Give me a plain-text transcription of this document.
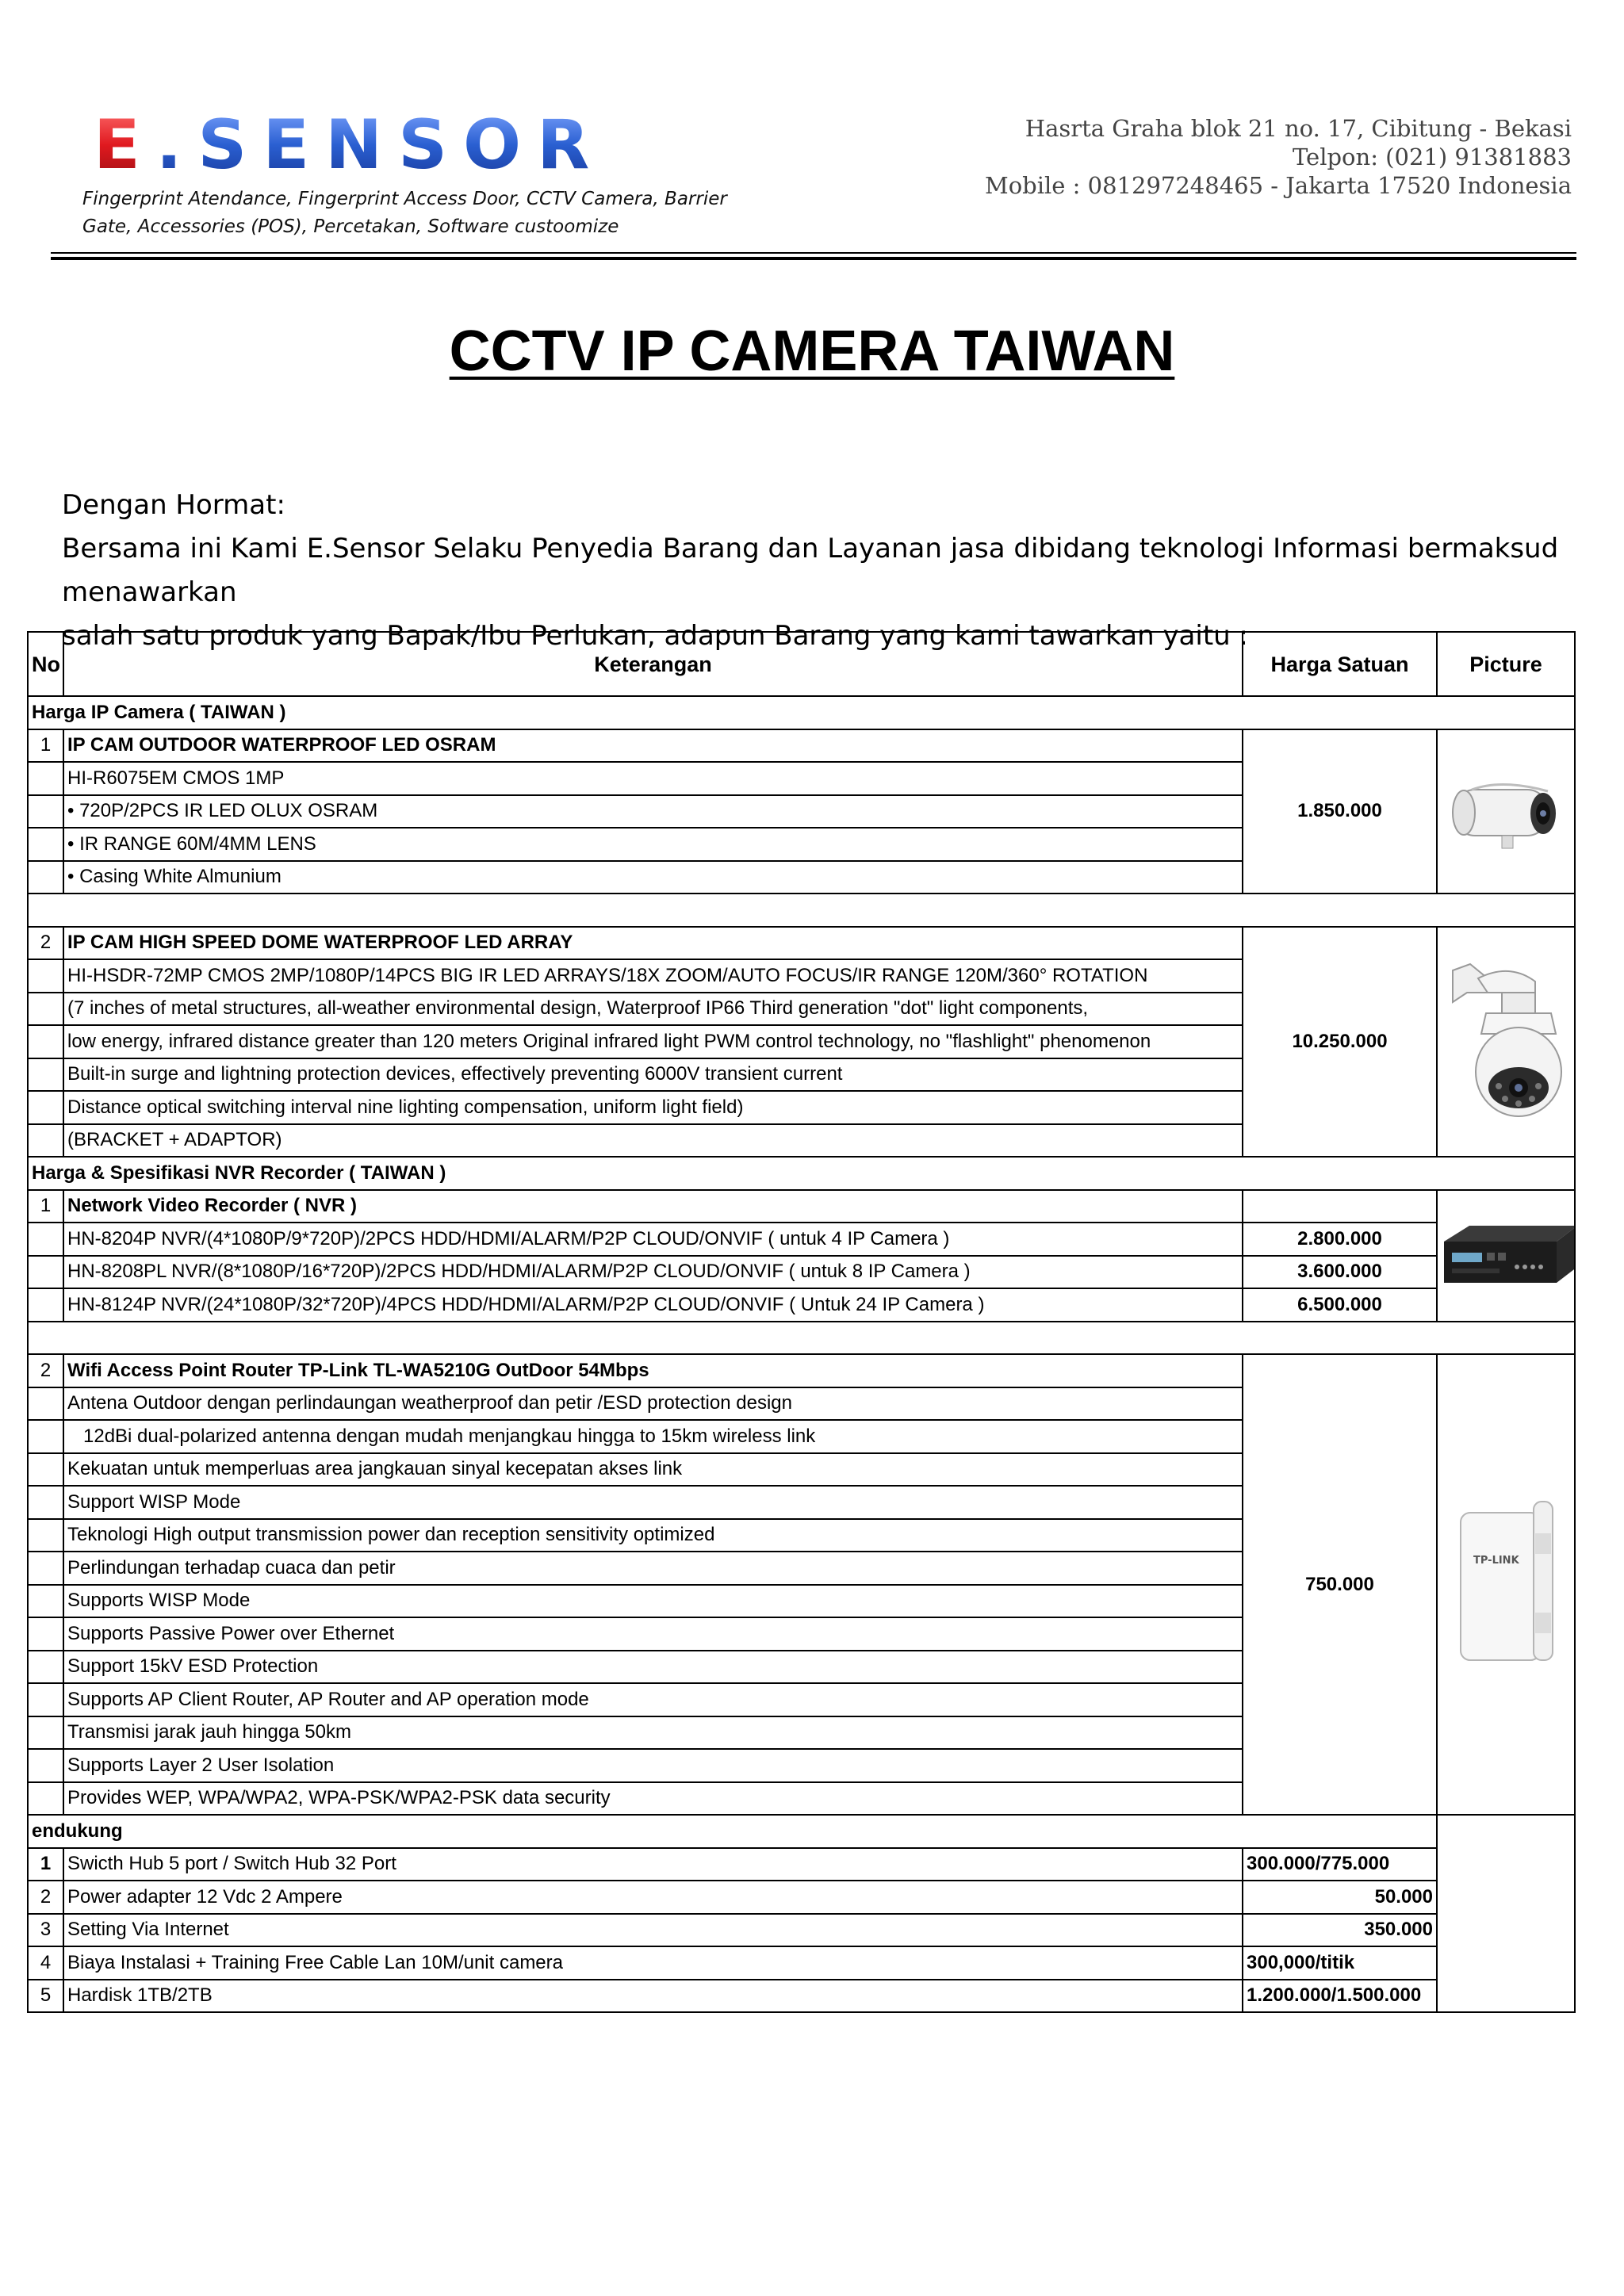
E.SENSOR
Fingerprint Atendance, Fingerprint Access Door, CCTV Camera, Barrier
Gate, Accessories (POS), Percetakan, Software custoomize
Hasrta Graha blok 21 no. 17, Cibitung - Bekasi
Telpon: (021) 91381883
Mobile : 081297248465 - Jakarta 17520 Indonesia
CCTV IP CAMERA TAIWAN

Dengan Hormat:

Bersama ini Kami E.Sensor Selaku Penyedia Barang dan Layanan jasa dibidang teknologi Informasi bermaksud menawarkan

salah satu produk yang Bapak/Ibu Perlukan, adapun Barang yang kami tawarkan yaitu :

No	Keterangan	Harga Satuan	Picture
Harga IP Camera ( TAIWAN )			
1	IP CAM OUTDOOR WATERPROOF LED OSRAM	1.850.000	

	HI-R6075EM CMOS 1MP		
	• 720P/2PCS IR LED OLUX OSRAM		
	• IR RANGE 60M/4MM LENS		
	• Casing White Almunium		

2	IP CAM HIGH SPEED DOME WATERPROOF LED ARRAY	10.250.000	

	HI-HSDR-72MP CMOS 2MP/1080P/14PCS BIG IR LED ARRAYS/18X ZOOM/AUTO FOCUS/IR RANGE 120M/360° ROTATION		
	(7 inches of metal structures, all-weather environmental design, Waterproof IP66 Third generation "dot" light components,		
	low energy, infrared distance greater than 120 meters Original infrared light PWM control technology, no "flashlight" phenomenon		
	Built-in surge and lightning protection devices, effectively preventing 6000V transient current		
	Distance optical switching interval nine lighting compensation, uniform light field)		
	(BRACKET + ADAPTOR)		
Harga & Spesifikasi NVR Recorder ( TAIWAN )			
1	Network Video Recorder ( NVR )		

	HN-8204P NVR/(4*1080P/9*720P)/2PCS HDD/HDMI/ALARM/P2P CLOUD/ONVIF ( untuk 4 IP Camera )	2.800.000	
	HN-8208PL NVR/(8*1080P/16*720P)/2PCS HDD/HDMI/ALARM/P2P CLOUD/ONVIF ( untuk 8 IP Camera )	3.600.000	
	HN-8124P NVR/(24*1080P/32*720P)/4PCS HDD/HDMI/ALARM/P2P CLOUD/ONVIF ( Untuk 24 IP Camera )	6.500.000	

2	Wifi Access Point Router TP-Link TL-WA5210G OutDoor 54Mbps	750.000	TP-LINK

	Antena Outdoor dengan perlindaungan weatherproof dan petir /ESD protection design		
	12dBi dual-polarized antenna dengan mudah menjangkau hingga to 15km wireless link		
	Kekuatan untuk memperluas area jangkauan sinyal kecepatan akses link		
	Support WISP Mode		
	Teknologi High output transmission power dan reception sensitivity optimized		
	Perlindungan terhadap cuaca dan petir		
	Supports WISP Mode		
	Supports Passive Power over Ethernet		
	Support 15kV ESD Protection		
	Supports AP Client Router, AP Router and AP operation mode		
	Transmisi jarak jauh hingga 50km		
	Supports Layer 2 User Isolation		
	Provides WEP, WPA/WPA2, WPA-PSK/WPA2-PSK data security		
endukung			
1	Swicth Hub 5 port / Switch Hub 32 Port	300.000/775.000	
2	Power adapter 12 Vdc 2 Ampere	50.000	
3	Setting Via Internet	350.000	
4	Biaya Instalasi + Training Free Cable Lan 10M/unit camera	300,000/titik	
5	Hardisk 1TB/2TB	1.200.000/1.500.000	
